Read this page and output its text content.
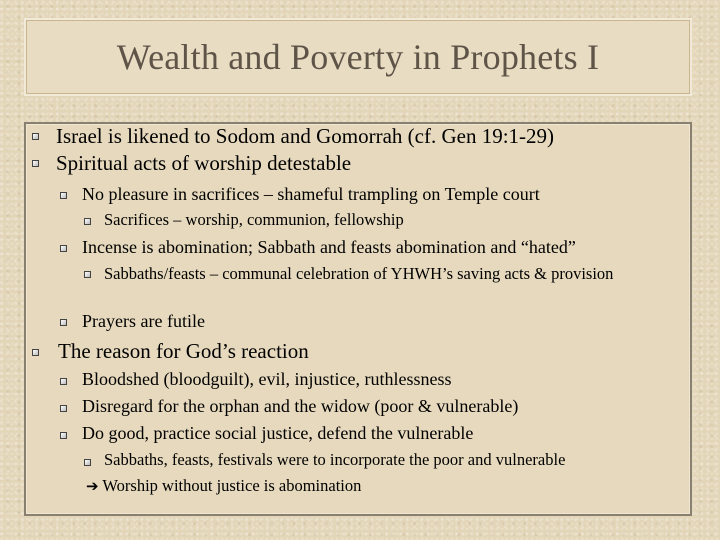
Wealth and Poverty in Prophets I
Israel is likened to Sodom and Gomorrah (cf. Gen 19:1-29)
Spiritual acts of worship detestable
No pleasure in sacrifices – shameful trampling on Temple court
Sacrifices – worship, communion, fellowship
Incense is abomination; Sabbath and feasts abomination and “hated”
Sabbaths/feasts – communal celebration of YHWH’s saving acts & provision
Prayers are futile
The reason for God’s reaction
Bloodshed (bloodguilt), evil, injustice, ruthlessness
Disregard for the orphan and the widow (poor & vulnerable)
Do good, practice social justice, defend the vulnerable
Sabbaths, feasts, festivals were to incorporate the poor and vulnerable
➔ Worship without justice is abomination
